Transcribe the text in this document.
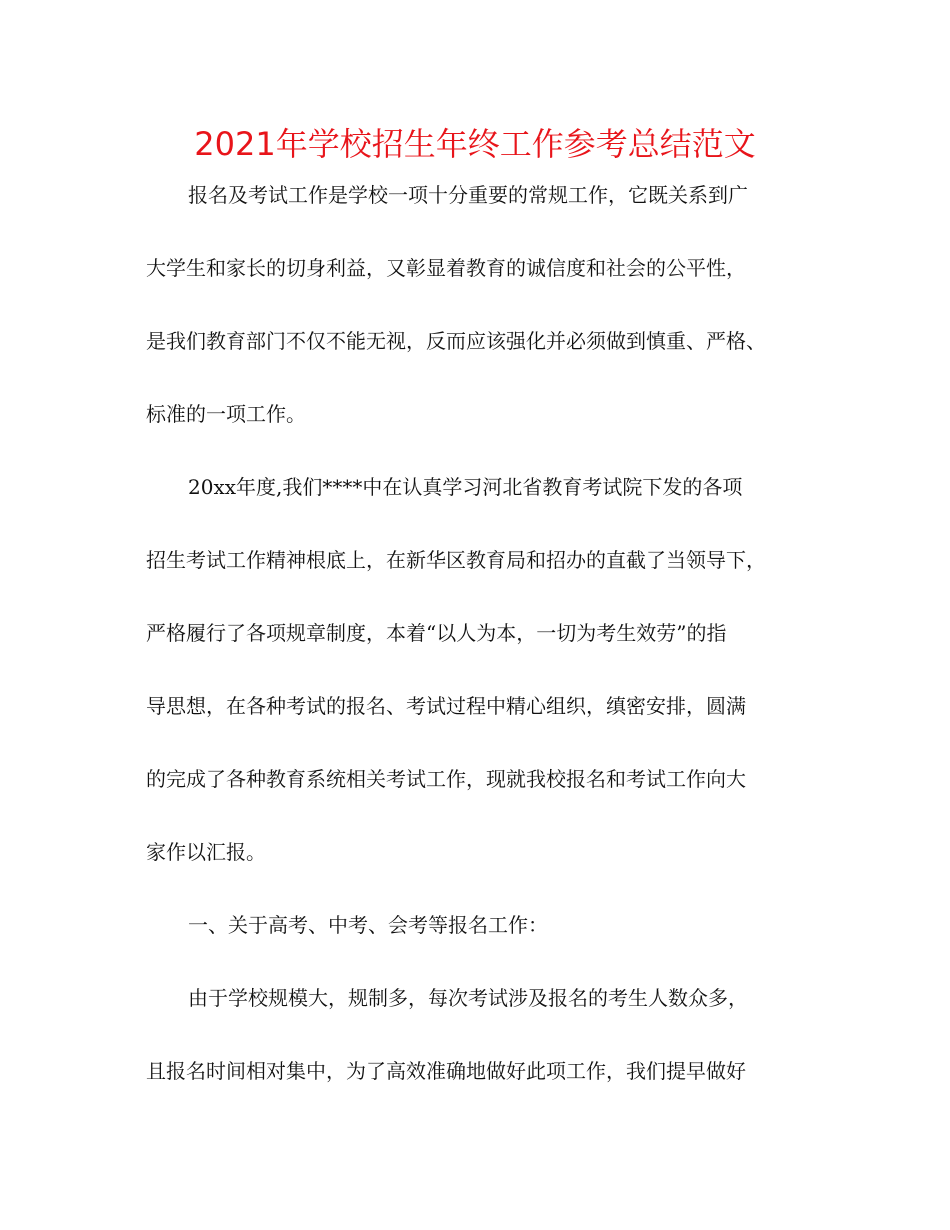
2021年学校招生年终工作参考总结范文
报名及考试工作是学校一项十分重要的常规工作，它既关系到广
大学生和家长的切身利益，又彰显着教育的诚信度和社会的公平性，
是我们教育部门不仅不能无视，反而应该强化并必须做到慎重、严格、
标准的一项工作。
20xx年度,我们****中在认真学习河北省教育考试院下发的各项
招生考试工作精神根底上，在新华区教育局和招办的直截了当领导下，
严格履行了各项规章制度，本着“以人为本，一切为考生效劳”的指
导思想，在各种考试的报名、考试过程中精心组织，缜密安排，圆满
的完成了各种教育系统相关考试工作，现就我校报名和考试工作向大
家作以汇报。
一、关于高考、中考、会考等报名工作：
由于学校规模大，规制多，每次考试涉及报名的考生人数众多，
且报名时间相对集中，为了高效准确地做好此项工作，我们提早做好
